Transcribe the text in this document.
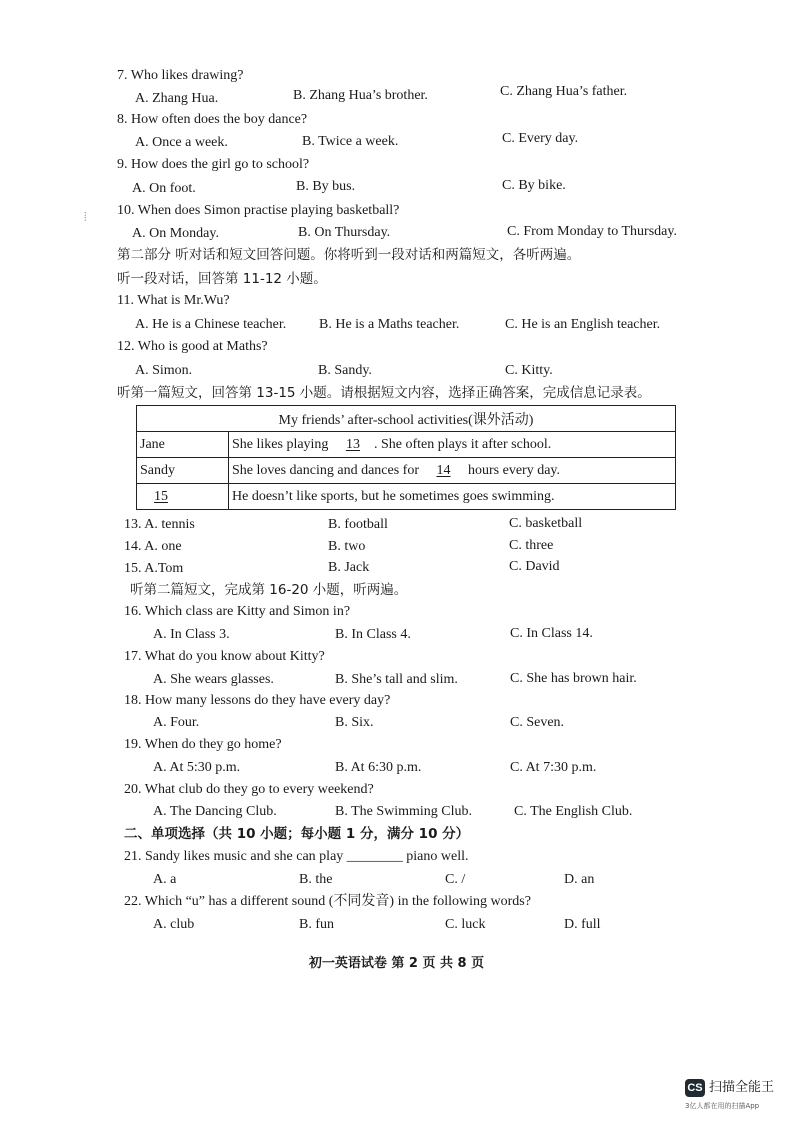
7. Who likes drawing?
A. Zhang Hua.	B. Zhang Hua’s brother.	C. Zhang Hua’s father.
8. How often does the boy dance?
A. Once a week.	B. Twice a week.	C. Every day.
9. How does the girl go to school?
A. On foot.	B. By bus.	C. By bike.
⦙ 10. When does Simon practise playing basketball?
A. On Monday.	B. On Thursday.	C. From Monday to Thursday.
第二部分 听对话和短文回答问题。你将听到一段对话和两篇短文，各听两遍。
听一段对话，回答第 11-12 小题。
11. What is Mr.Wu?
A. He is a Chinese teacher. B. He is a Maths teacher.	C. He is an English teacher.
12. Who is good at Maths?
A. Simon.	B. Sandy.	C. Kitty.
听第一篇短文，回答第 13-15 小题。请根据短文内容，选择正确答案，完成信息记录表。
My friends’ after-school activities(课外活动)	
Jane	She likes playing 13 . She often plays it after school.
Sandy	She loves dancing and dances for 14 hours every day.
15	He doesn’t like sports, but he sometimes goes swimming.
13. A. tennis	B. football	C. basketball
14. A. one	B. two	C. three
15. A.Tom	B. Jack	C. David
听第二篇短文，完成第 16-20 小题，听两遍。
16. Which class are Kitty and Simon in?
A. In Class 3.	B. In Class 4.	C. In Class 14.
17. What do you know about Kitty?
A. She wears glasses.	B. She’s tall and slim.	C. She has brown hair.
18. How many lessons do they have every day?
A. Four.	B. Six.	C. Seven.
19. When do they go home?
A. At 5:30 p.m.	B. At 6:30 p.m.	C. At 7:30 p.m.
20. What club do they go to every weekend?
A. The Dancing Club.	B. The Swimming Club.	C. The English Club.
二、单项选择（共 10 小题；每小题 1 分，满分 10 分）
21. Sandy likes music and she can play ________ piano well.
A. a	B. the	C. /	D. an
22. Which “u” has a different sound (不同发音) in the following words?
A. club	B. fun	C. luck	D. full
初一英语试卷 第 2 页 共 8 页
CS 扫描全能王
3亿人都在用的扫描App
